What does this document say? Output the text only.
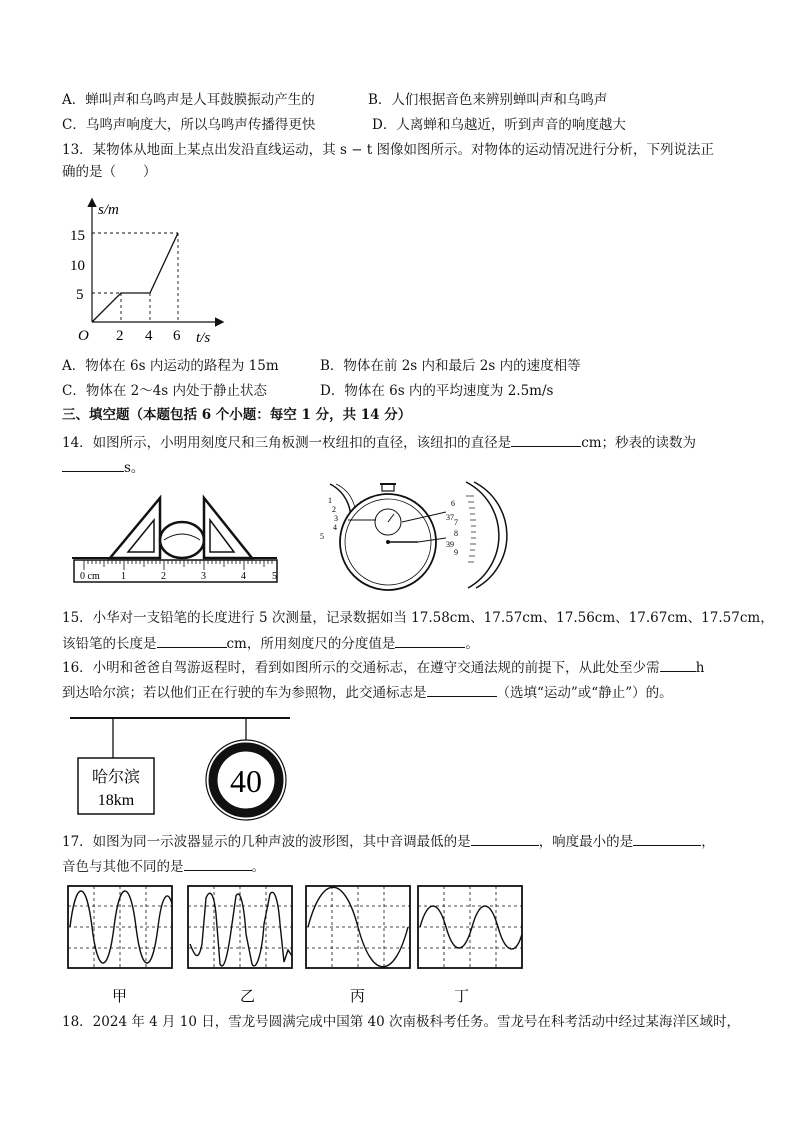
A．蝉叫声和乌鸣声是人耳鼓膜振动产生的	B．人们根据音色来辨别蝉叫声和乌鸣声
C．乌鸣声响度大，所以乌鸣声传播得更快	D．人离蝉和乌越近，听到声音的响度越大
13．某物体从地面上某点出发沿直线运动，其 s − t 图像如图所示。对物体的运动情况进行分析，下列说法正
确的是（　　）
s/m
15
10
5
O 2 4 6 t/s
A．物体在 6s 内运动的路程为 15m	B．物体在前 2s 内和最后 2s 内的速度相等
C．物体在 2～4s 内处于静止状态	D．物体在 6s 内的平均速度为 2.5m/s
三、填空题（本题包括 6 个小题：每空 1 分，共 14 分）
14．如图所示，小明用刻度尺和三角板测一枚纽扣的直径，该纽扣的直径是	cm；秒表的读数为
s。
0 cm 1	2	3	4	5
1
2
3
4
6
37
7
8
39
9
5
15．小华对一支铅笔的长度进行 5 次测量，记录数据如当 17.58cm、17.57cm、17.56cm、17.67cm、17.57cm，
该铅笔的长度是	cm，所用刻度尺的分度值是	。
16．小明和爸爸自驾游返程时，看到如图所示的交通标志，在遵守交通法规的前提下，从此处至少需	h
到达哈尔滨；若以他们正在行驶的车为参照物，此交通标志是	（选填“运动”或“静止”）的。
哈尔滨
18km
40
17．如图为同一示波器显示的几种声波的波形图，其中音调最低的是	，响度最小的是	，
音色与其他不同的是	。
甲	乙	丙	丁
18．2024 年 4 月 10 日，雪龙号圆满完成中国第 40 次南极科考任务。雪龙号在科考活动中经过某海洋区域时，
